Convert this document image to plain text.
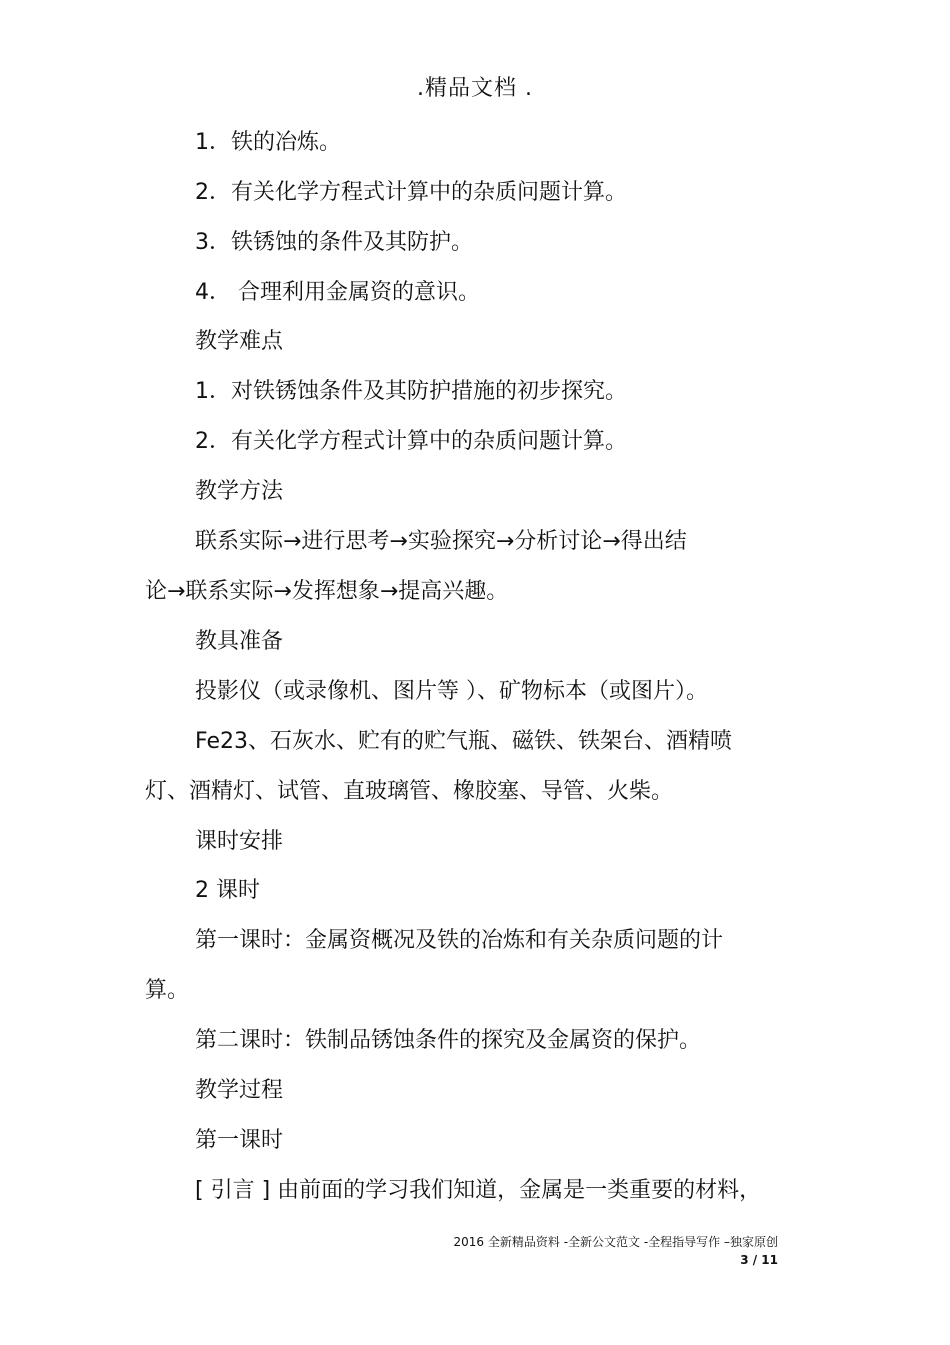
.精品文档 .
1．铁的冶炼。
2．有关化学方程式计算中的杂质问题计算。
3．铁锈蚀的条件及其防护。
4． 合理利用金属资的意识。
教学难点
1．对铁锈蚀条件及其防护措施的初步探究。
2．有关化学方程式计算中的杂质问题计算。
教学方法
联系实际→进行思考→实验探究→分析讨论→得出结
论→联系实际→发挥想象→提高兴趣。
教具准备
投影仪（或录像机、图片等 ）、矿物标本（或图片）。
Fe23、石灰水、贮有的贮气瓶、磁铁、铁架台、酒精喷
灯、酒精灯、试管、直玻璃管、橡胶塞、导管、火柴。
课时安排
2 课时
第一课时：金属资概况及铁的冶炼和有关杂质问题的计
算。
第二课时：铁制品锈蚀条件的探究及金属资的保护。
教学过程
第一课时
[ 引言 ] 由前面的学习我们知道，金属是一类重要的材料，
2016 全新精品资料 -全新公文范文 -全程指导写作 –独家原创
3 / 11
